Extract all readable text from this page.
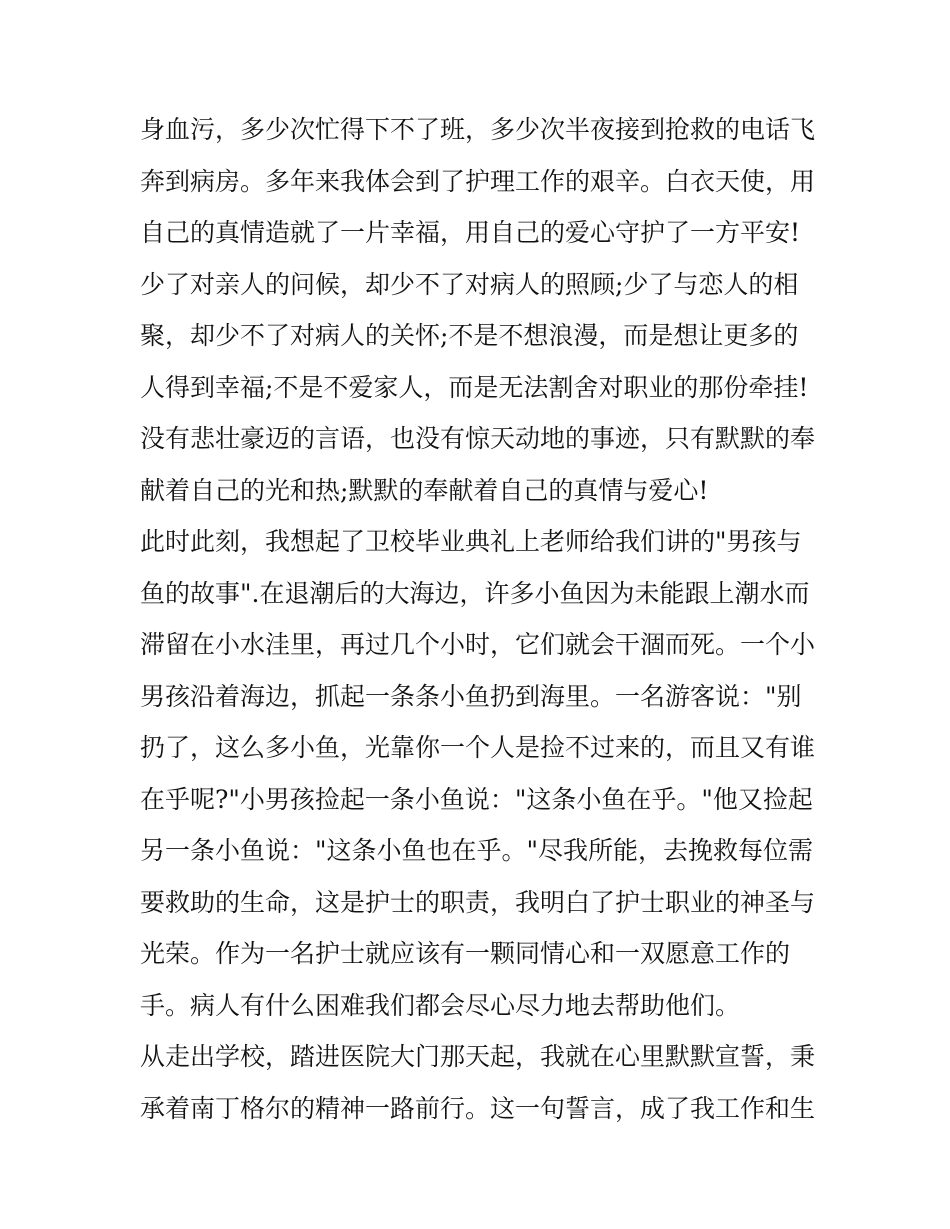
身血污，多少次忙得下不了班，多少次半夜接到抢救的电话飞
奔到病房。多年来我体会到了护理工作的艰辛。白衣天使，用
自己的真情造就了一片幸福，用自己的爱心守护了一方平安!
少了对亲人的问候，却少不了对病人的照顾;少了与恋人的相
聚，却少不了对病人的关怀;不是不想浪漫，而是想让更多的
人得到幸福;不是不爱家人，而是无法割舍对职业的那份牵挂!
没有悲壮豪迈的言语，也没有惊天动地的事迹，只有默默的奉
献着自己的光和热;默默的奉献着自己的真情与爱心!
此时此刻，我想起了卫校毕业典礼上老师给我们讲的"男孩与
鱼的故事".在退潮后的大海边，许多小鱼因为未能跟上潮水而
滞留在小水洼里，再过几个小时，它们就会干涸而死。一个小
男孩沿着海边，抓起一条条小鱼扔到海里。一名游客说："别
扔了，这么多小鱼，光靠你一个人是捡不过来的，而且又有谁
在乎呢?"小男孩捡起一条小鱼说："这条小鱼在乎。"他又捡起
另一条小鱼说："这条小鱼也在乎。"尽我所能，去挽救每位需
要救助的生命，这是护士的职责，我明白了护士职业的神圣与
光荣。作为一名护士就应该有一颗同情心和一双愿意工作的
手。病人有什么困难我们都会尽心尽力地去帮助他们。
从走出学校，踏进医院大门那天起，我就在心里默默宣誓，秉
承着南丁格尔的精神一路前行。这一句誓言，成了我工作和生
